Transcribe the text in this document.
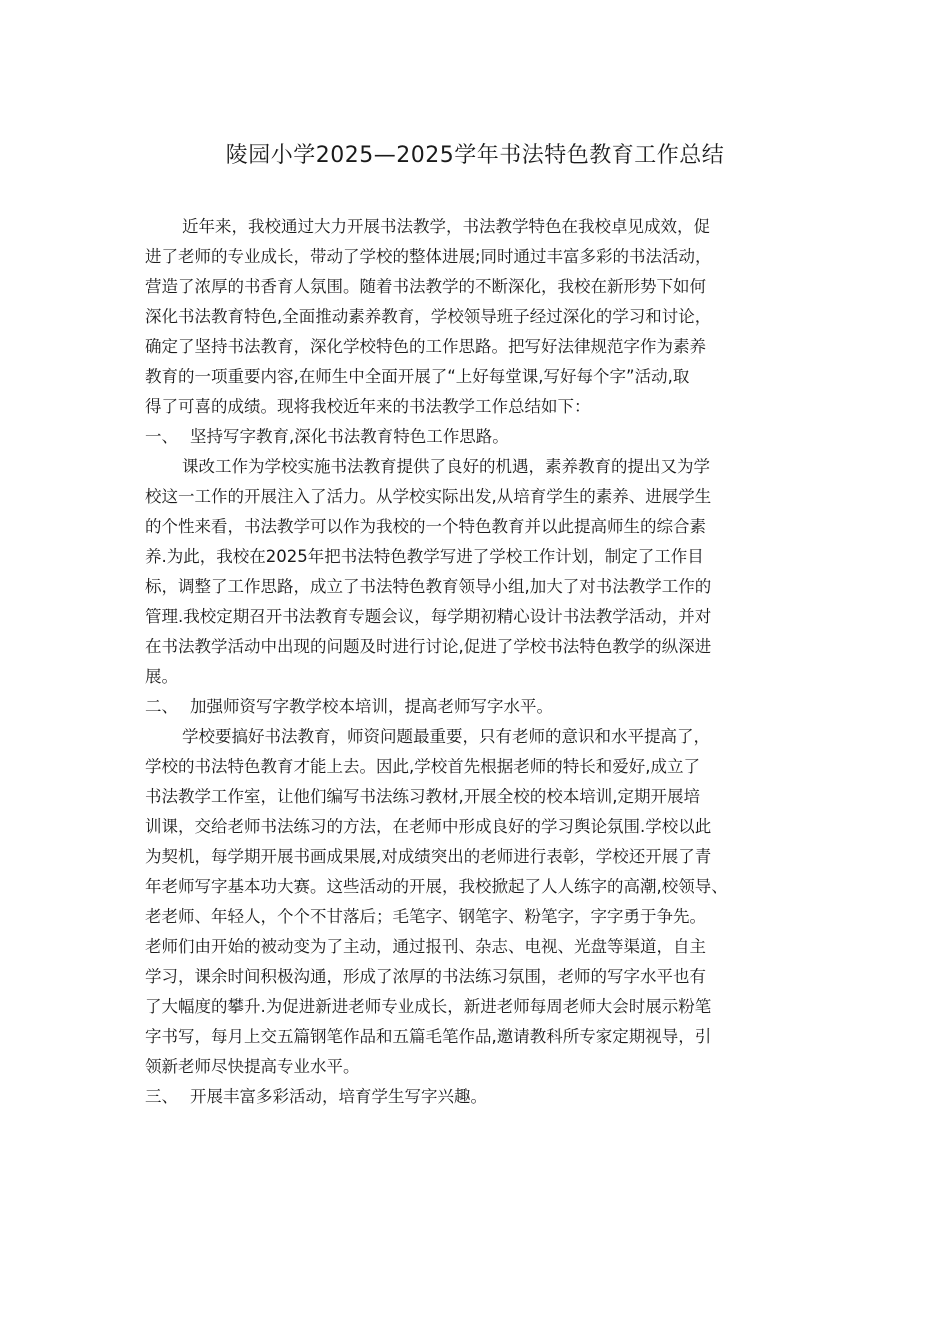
陵园小学2025—2025学年书法特色教育工作总结
近年来，我校通过大力开展书法教学，书法教学特色在我校卓见成效，促
进了老师的专业成长，带动了学校的整体进展;同时通过丰富多彩的书法活动，
营造了浓厚的书香育人氛围。随着书法教学的不断深化，我校在新形势下如何
深化书法教育特色,全面推动素养教育，学校领导班子经过深化的学习和讨论，
确定了坚持书法教育，深化学校特色的工作思路。把写好法律规范字作为素养
教育的一项重要内容,在师生中全面开展了“上好每堂课,写好每个字”活动,取
得了可喜的成绩。现将我校近年来的书法教学工作总结如下：
一、 坚持写字教育,深化书法教育特色工作思路。
课改工作为学校实施书法教育提供了良好的机遇，素养教育的提出又为学
校这一工作的开展注入了活力。从学校实际出发,从培育学生的素养、进展学生
的个性来看，书法教学可以作为我校的一个特色教育并以此提高师生的综合素
养.为此，我校在2025年把书法特色教学写进了学校工作计划，制定了工作目
标，调整了工作思路，成立了书法特色教育领导小组,加大了对书法教学工作的
管理.我校定期召开书法教育专题会议，每学期初精心设计书法教学活动，并对
在书法教学活动中出现的问题及时进行讨论,促进了学校书法特色教学的纵深进
展。
二、 加强师资写字教学校本培训，提高老师写字水平。
学校要搞好书法教育，师资问题最重要，只有老师的意识和水平提高了，
学校的书法特色教育才能上去。因此,学校首先根据老师的特长和爱好,成立了
书法教学工作室，让他们编写书法练习教材,开展全校的校本培训,定期开展培
训课，交给老师书法练习的方法，在老师中形成良好的学习舆论氛围.学校以此
为契机，每学期开展书画成果展,对成绩突出的老师进行表彰，学校还开展了青
年老师写字基本功大赛。这些活动的开展，我校掀起了人人练字的高潮,校领导、
老老师、年轻人，个个不甘落后；毛笔字、钢笔字、粉笔字，字字勇于争先。
老师们由开始的被动变为了主动，通过报刊、杂志、电视、光盘等渠道，自主
学习，课余时间积极沟通，形成了浓厚的书法练习氛围，老师的写字水平也有
了大幅度的攀升.为促进新进老师专业成长，新进老师每周老师大会时展示粉笔
字书写，每月上交五篇钢笔作品和五篇毛笔作品,邀请教科所专家定期视导，引
领新老师尽快提高专业水平。
三、 开展丰富多彩活动，培育学生写字兴趣。
